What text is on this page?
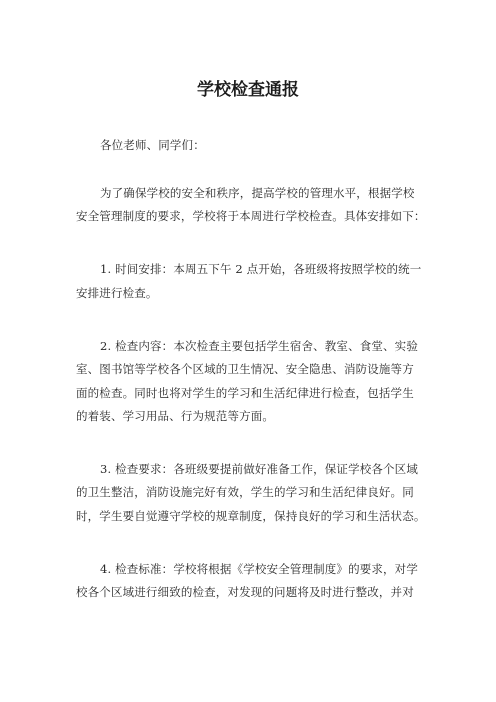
学校检查通报
各位老师、同学们：
为了确保学校的安全和秩序，提高学校的管理水平，根据学校
安全管理制度的要求，学校将于本周进行学校检查。具体安排如下：
1. 时间安排：本周五下午 2 点开始，各班级将按照学校的统一
安排进行检查。
2. 检查内容：本次检查主要包括学生宿舍、教室、食堂、实验
室、图书馆等学校各个区域的卫生情况、安全隐患、消防设施等方
面的检查。同时也将对学生的学习和生活纪律进行检查，包括学生
的着装、学习用品、行为规范等方面。
3. 检查要求：各班级要提前做好准备工作，保证学校各个区域
的卫生整洁，消防设施完好有效，学生的学习和生活纪律良好。同
时，学生要自觉遵守学校的规章制度，保持良好的学习和生活状态。
4. 检查标准：学校将根据《学校安全管理制度》的要求，对学
校各个区域进行细致的检查，对发现的问题将及时进行整改，并对
